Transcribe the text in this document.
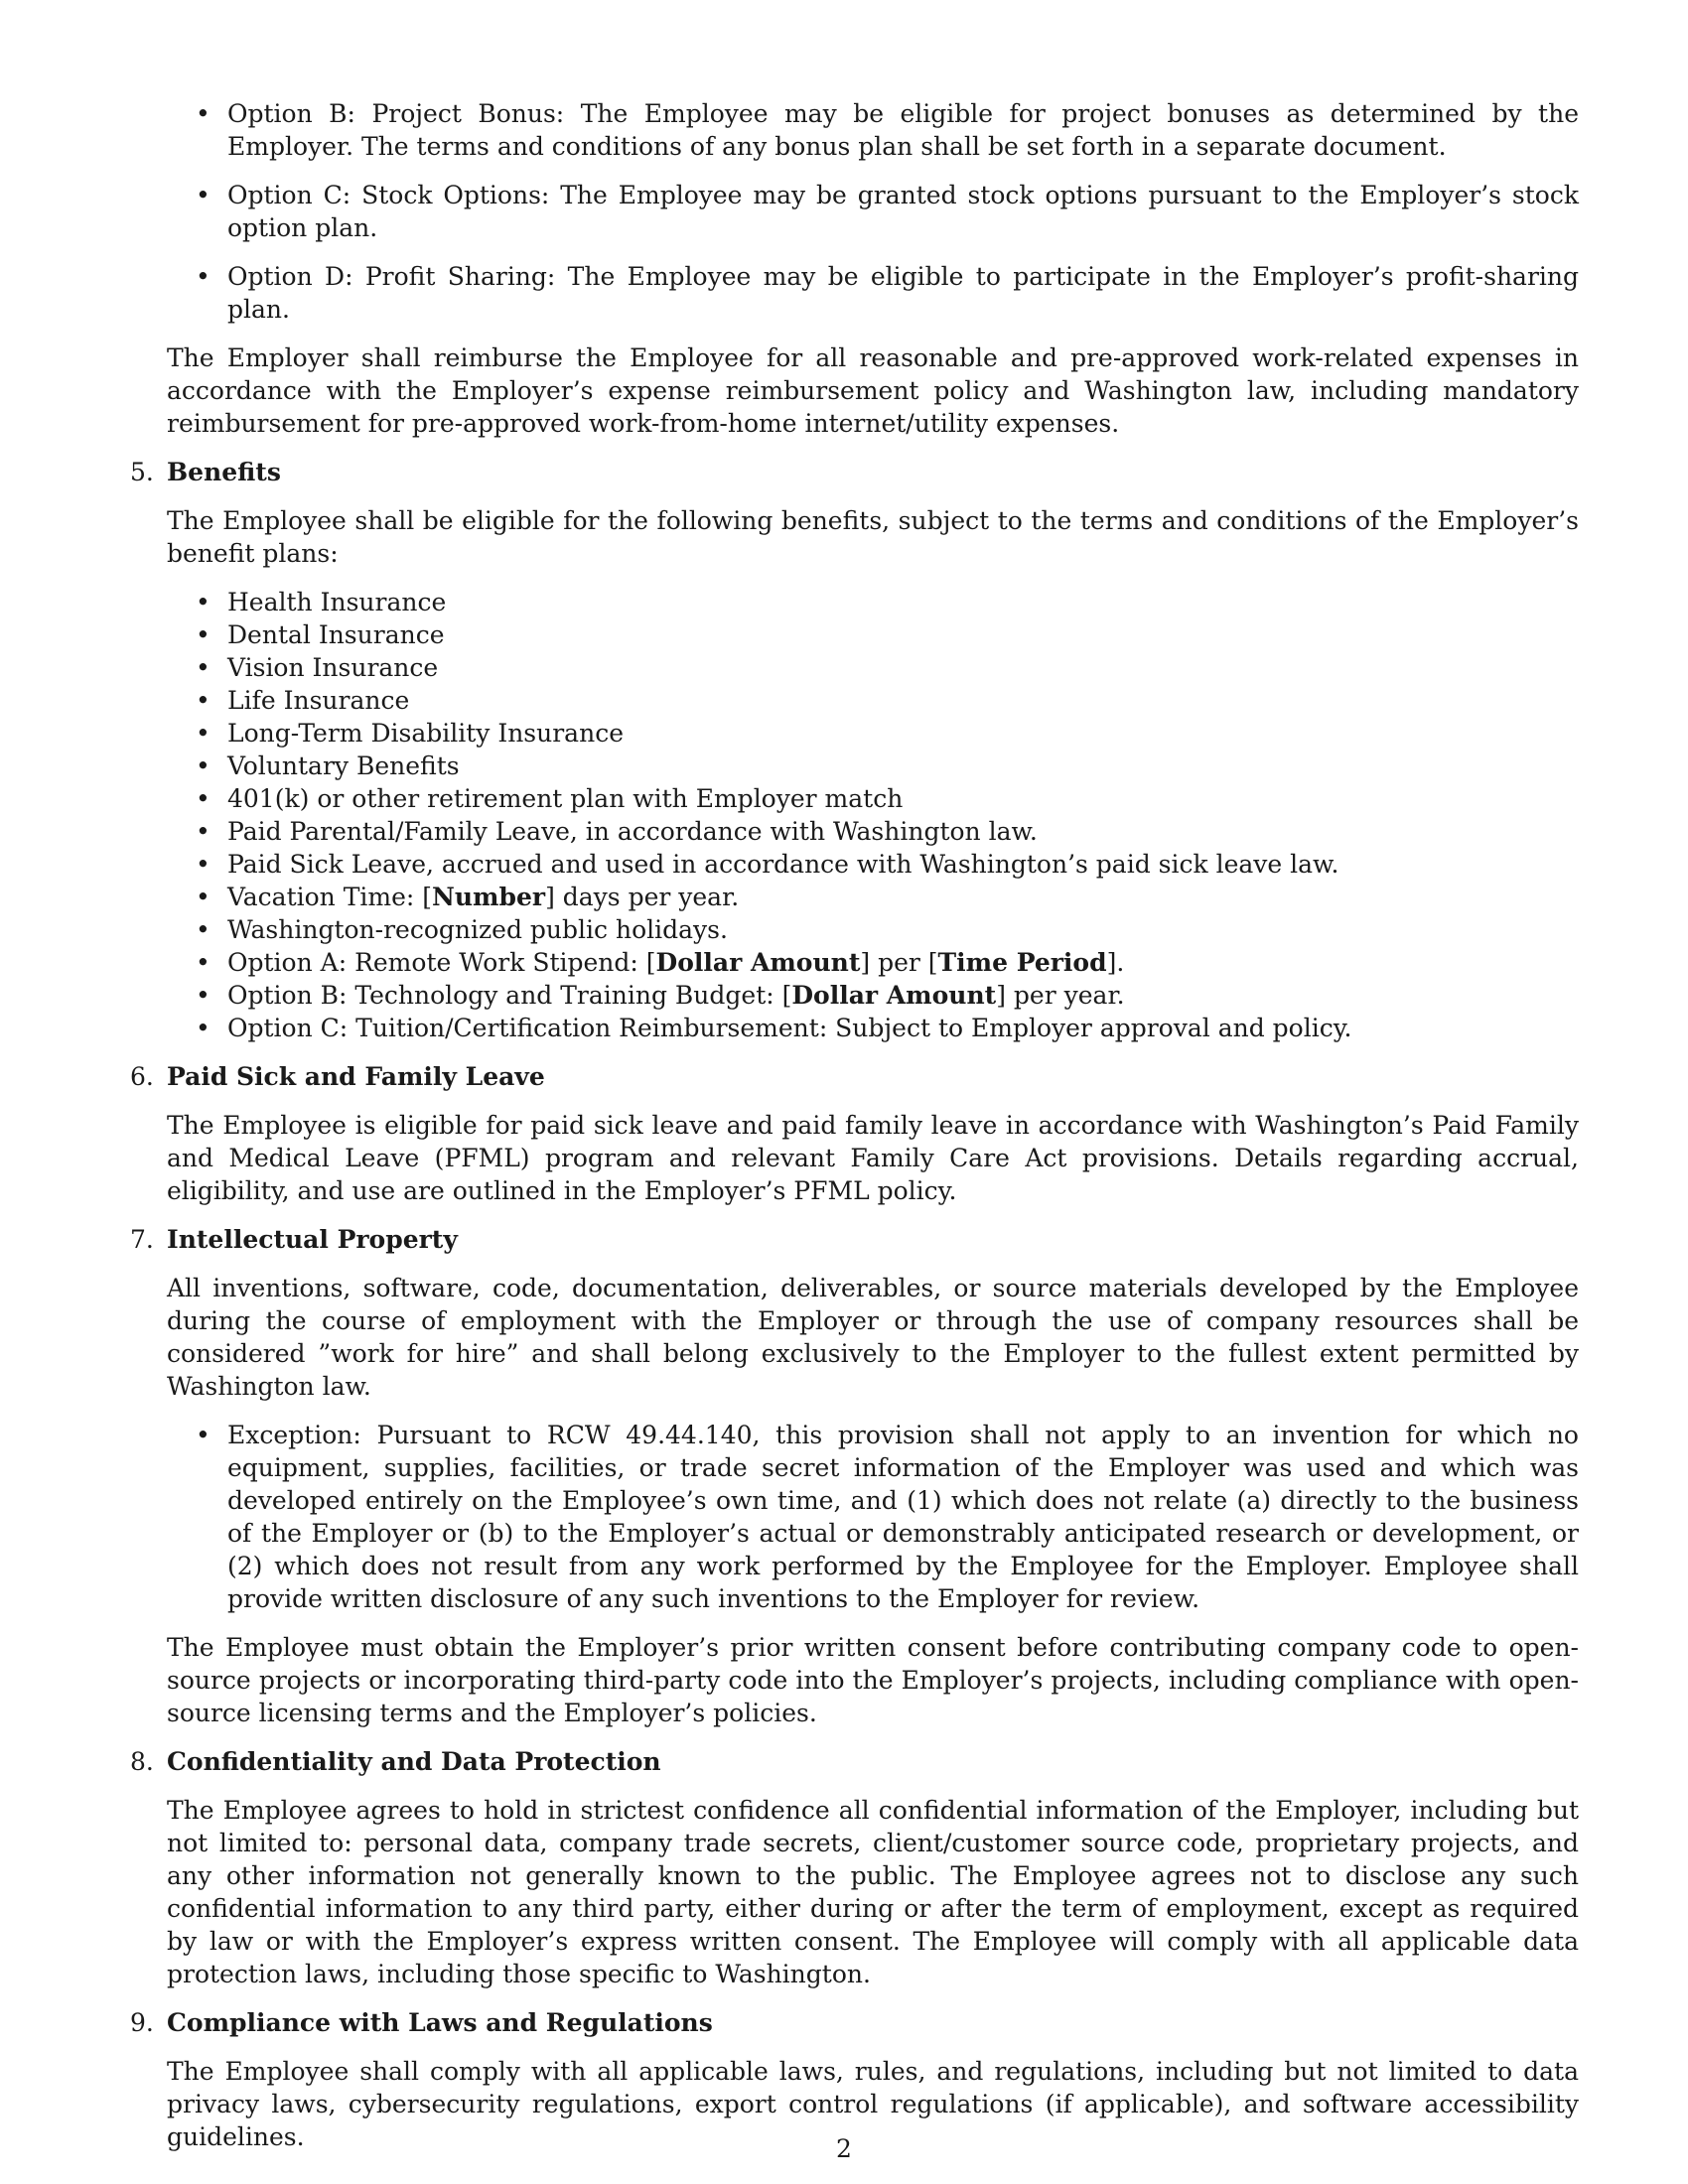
• Option B: Project Bonus: The Employee may be eligible for project bonuses as determined by the Employer. The terms and conditions of any bonus plan shall be set forth in a separate document.
• Option C: Stock Options: The Employee may be granted stock options pursuant to the Employer’s stock option plan.
• Option D: Profit Sharing: The Employee may be eligible to participate in the Employer’s profit-sharing plan.

The Employer shall reimburse the Employee for all reasonable and pre-approved work-related expenses in accordance with the Employer’s expense reimbursement policy and Washington law, including mandatory reimbursement for pre-approved work-from-home internet/utility expenses.

5. Benefits

The Employee shall be eligible for the following benefits, subject to the terms and conditions of the Employer’s benefit plans:

• Health Insurance
• Dental Insurance
• Vision Insurance
• Life Insurance
• Long-Term Disability Insurance
• Voluntary Benefits
• 401(k) or other retirement plan with Employer match
• Paid Parental/Family Leave, in accordance with Washington law.
• Paid Sick Leave, accrued and used in accordance with Washington’s paid sick leave law.
• Vacation Time: [Number] days per year.
• Washington-recognized public holidays.
• Option A: Remote Work Stipend: [Dollar Amount] per [Time Period].
• Option B: Technology and Training Budget: [Dollar Amount] per year.
• Option C: Tuition/Certification Reimbursement: Subject to Employer approval and policy.
6. Paid Sick and Family Leave

The Employee is eligible for paid sick leave and paid family leave in accordance with Washington’s Paid Family and Medical Leave (PFML) program and relevant Family Care Act provisions. Details regarding accrual, eligibility, and use are outlined in the Employer’s PFML policy.

7. Intellectual Property

All inventions, software, code, documentation, deliverables, or source materials developed by the Employee during the course of employment with the Employer or through the use of company resources shall be considered ”work for hire” and shall belong exclusively to the Employer to the fullest extent permitted by Washington law.

• Exception: Pursuant to RCW 49.44.140, this provision shall not apply to an invention for which no equipment, supplies, facilities, or trade secret information of the Employer was used and which was developed entirely on the Employee’s own time, and (1) which does not relate (a) directly to the business of the Employer or (b) to the Employer’s actual or demonstrably anticipated research or development, or (2) which does not result from any work performed by the Employee for the Employer. Employee shall provide written disclosure of any such inventions to the Employer for review.

The Employee must obtain the Employer’s prior written consent before contributing company code to open-source projects or incorporating third-party code into the Employer’s projects, including compliance with open-source licensing terms and the Employer’s policies.

8. Confidentiality and Data Protection

The Employee agrees to hold in strictest confidence all confidential information of the Employer, including but not limited to: personal data, company trade secrets, client/customer source code, proprietary projects, and any other information not generally known to the public. The Employee agrees not to disclose any such confidential information to any third party, either during or after the term of employment, except as required by law or with the Employer’s express written consent. The Employee will comply with all applicable data protection laws, including those specific to Washington.

9. Compliance with Laws and Regulations

The Employee shall comply with all applicable laws, rules, and regulations, including but not limited to data privacy laws, cybersecurity regulations, export control regulations (if applicable), and software accessibility guidelines.	2
